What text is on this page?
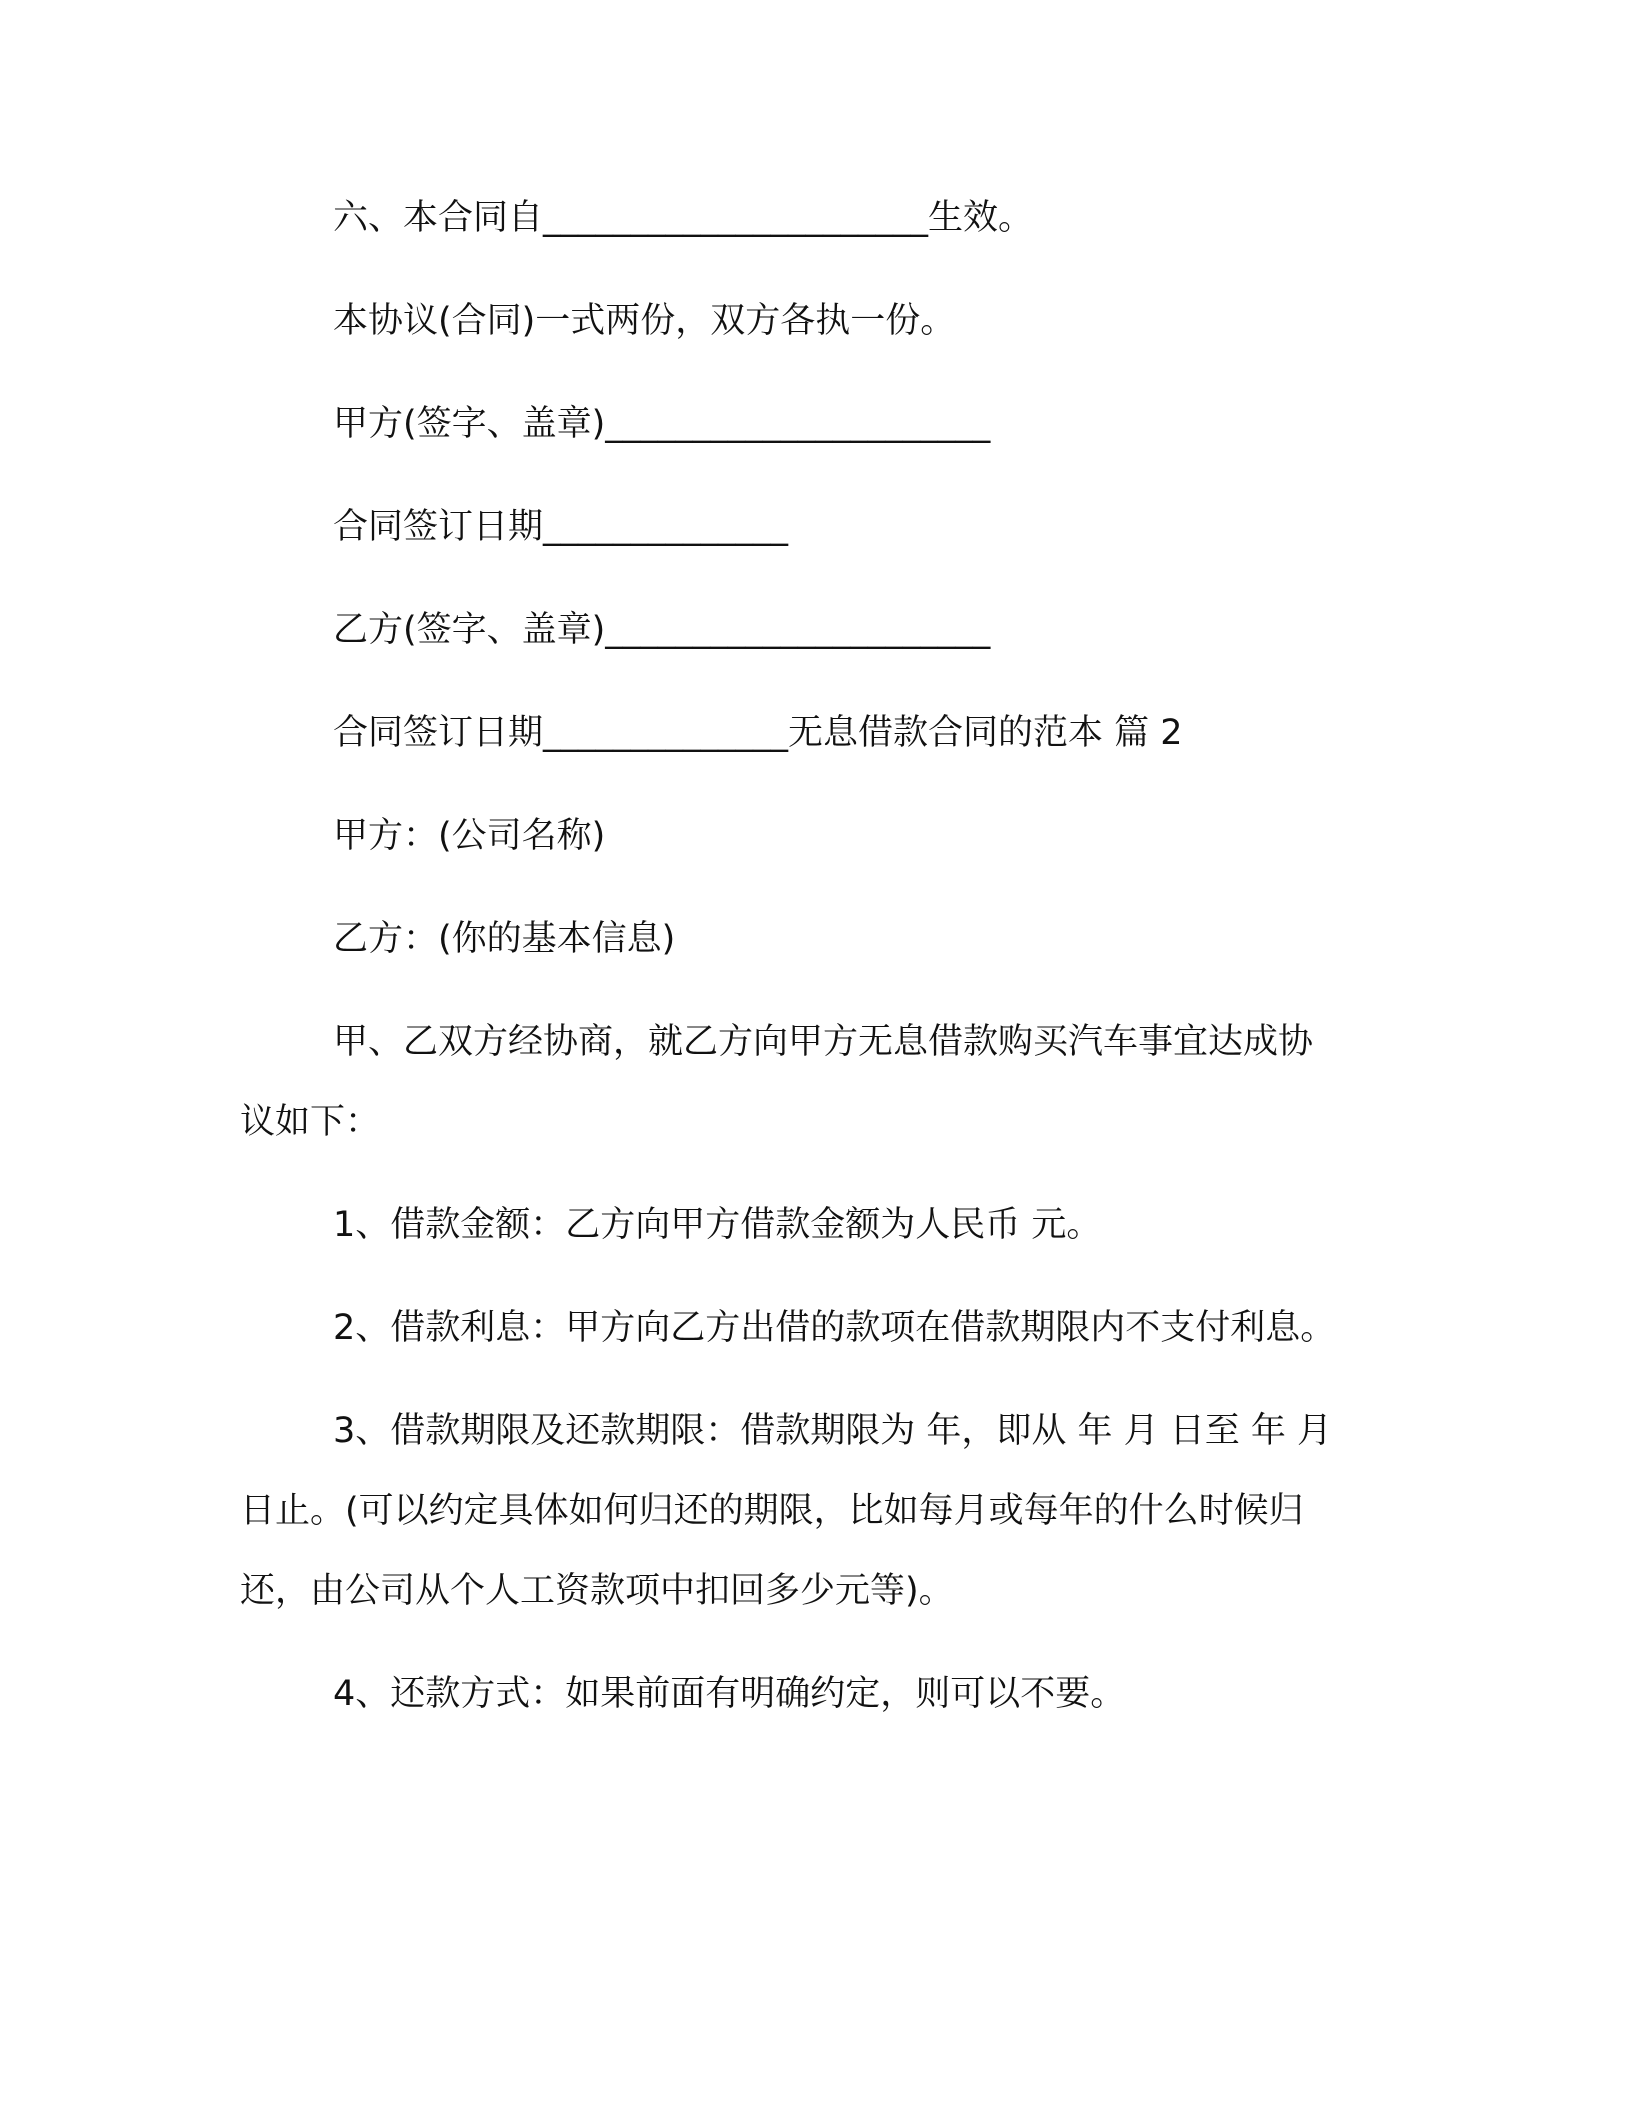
六、本合同自______________________生效。
本协议(合同)一式两份，双方各执一份。
甲方(签字、盖章)______________________
合同签订日期______________
乙方(签字、盖章)______________________
合同签订日期______________无息借款合同的范本 篇 2
甲方：(公司名称)
乙方：(你的基本信息)
甲、乙双方经协商，就乙方向甲方无息借款购买汽车事宜达成协
议如下：
1、借款金额：乙方向甲方借款金额为人民币 元。
2、借款利息：甲方向乙方出借的款项在借款期限内不支付利息。
3、借款期限及还款期限：借款期限为 年，即从 年 月 日至 年 月
日止。(可以约定具体如何归还的期限，比如每月或每年的什么时候归
还，由公司从个人工资款项中扣回多少元等)。
4、还款方式：如果前面有明确约定，则可以不要。
